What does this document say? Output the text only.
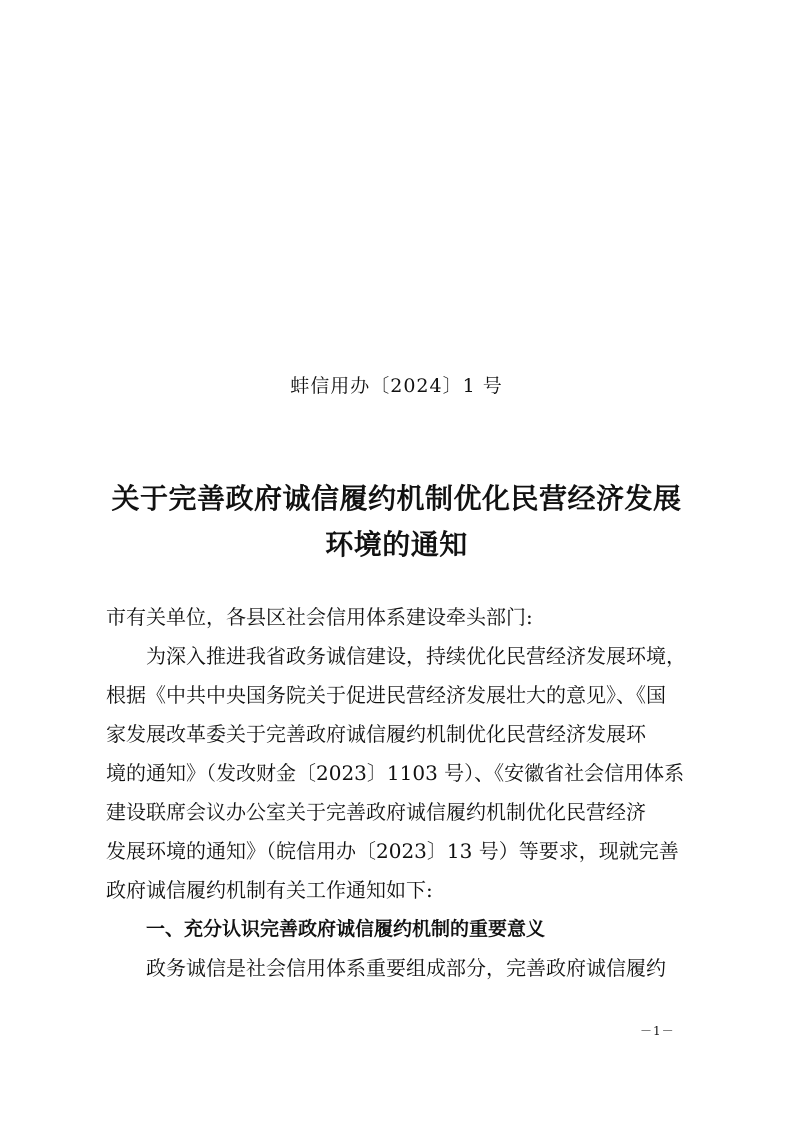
蚌信用办〔2024〕1 号
关于完善政府诚信履约机制优化民营经济发展
环境的通知
市有关单位，各县区社会信用体系建设牵头部门:
为深入推进我省政务诚信建设，持续优化民营经济发展环境，
根据《中共中央国务院关于促进民营经济发展壮大的意见》、《国
家发展改革委关于完善政府诚信履约机制优化民营经济发展环
境的通知》（发改财金〔2023〕1103 号）、《安徽省社会信用体系
建设联席会议办公室关于完善政府诚信履约机制优化民营经济
发展环境的通知》（皖信用办〔2023〕13 号）等要求，现就完善
政府诚信履约机制有关工作通知如下:
一、充分认识完善政府诚信履约机制的重要意义
政务诚信是社会信用体系重要组成部分，完善政府诚信履约
－1－
